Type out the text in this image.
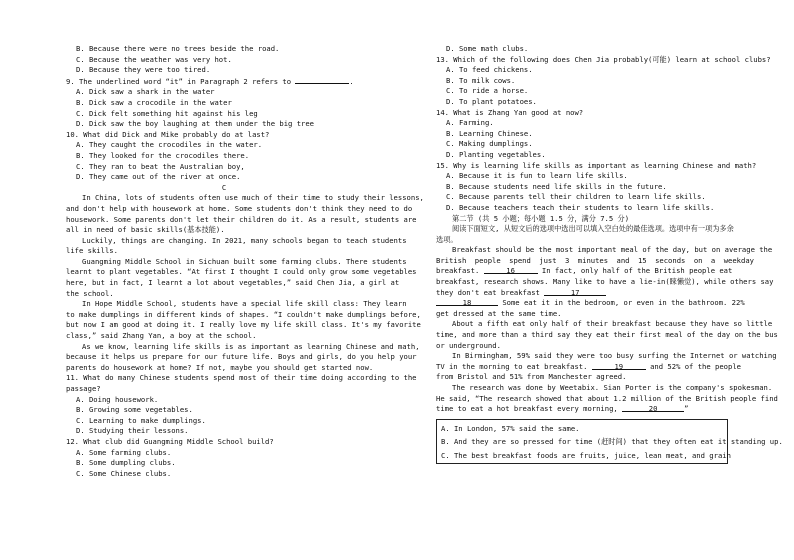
B. Because there were no trees beside the road.
C. Because the weather was very hot.
D. Because they were too tired.
9. The underlined word “it” in Paragraph 2 refers to	.
A. Dick saw a shark in the water
B. Dick saw a crocodile in the water
C. Dick felt something hit against his leg
D. Dick saw the boy laughing at them under the big tree
10. What did Dick and Mike probably do at last?
A. They caught the crocodiles in the water.
B. They looked for the crocodiles there.
C. They ran to beat the Australian boy,
D. They came out of the river at once.
C
In China, lots of students often use much of their time to study their lessons,
and don't help with housework at home. Some students don't think they need to do
housework. Some parents don't let their children do it. As a result, students are
all in need of basic skills(基本技能).
Luckily, things are changing. In 2021, many schools began to teach students
life skills.
Guangming Middle School in Sichuan built some farming clubs. There students
learnt to plant vegetables. “At first I thought I could only grow some vegetables
here, but in fact, I learnt a lot about vegetables,” said Chen Jia, a girl at
the school.
In Hope Middle School, students have a special life skill class: They learn
to make dumplings in different kinds of shapes. “I couldn't make dumplings before,
but now I am good at doing it. I really love my life skill class. It's my favorite
class,” said Zhang Yan, a boy at the school.
As we know, learning life skills is as important as learning Chinese and math,
because it helps us prepare for our future life. Boys and girls, do you help your
parents do housework at home? If not, maybe you should get started now.
11. What do many Chinese students spend most of their time doing according to the
passage?
A. Doing housework.
B. Growing some vegetables.
C. Learning to make dumplings.
D. Studying their lessons.
12. What club did Guangming Middle School build?
A. Some farming clubs.
B. Some dumpling clubs.
C. Some Chinese clubs.
D. Some math clubs.
13. Which of the following does Chen Jia probably(可能) learn at school clubs?
A. To feed chickens.
B. To milk cows.
C. To ride a horse.
D. To plant potatoes.
14. What is Zhang Yan good at now?
A. Farming.
B. Learning Chinese.
C. Making dumplings.
D. Planting vegetables.
15. Why is learning life skills as important as learning Chinese and math?
A. Because it is fun to learn life skills.
B. Because students need life skills in the future.
C. Because parents tell their children to learn life skills.
D. Because teachers teach their students to learn life skills.
第二节 (共 5 小题；每小题 1.5 分，满分 7.5 分)
阅读下面短文, 从短文后的选项中选出可以填入空白处的最佳选项。选项中有一项为多余
选项。
Breakfast should be the most important meal of the day, but on average the
British people spend just 3 minutes and 15 seconds on a weekday
breakfast.	16	In fact, only half of the British people eat
breakfast, research shows. Many like to have a lie-in(睞懒觉), while others say
they don't eat breakfast	17
18	Some eat it in the bedroom, or even in the bathroom. 22%
get dressed at the same time.
About a fifth eat only half of their breakfast because they have so little
time, and more than a third say they eat their first meal of the day on the bus
or underground.
In Birmingham, 59% said they were too busy surfing the Internet or watching
TV in the morning to eat breakfast.	19	and 52% of the people
from Bristol and 51% from Manchester agreed.
The research was done by Weetabix. Sian Porter is the company's spokesman.
He said, “The research showed that about 1.2 million of the British people find
time to eat a hot breakfast every morning,	20	”
A. In London, 57% said the same.
B. And they are so pressed for time (赶时间) that they often eat it standing up.
C. The best breakfast foods are fruits, juice, lean meat, and grain
